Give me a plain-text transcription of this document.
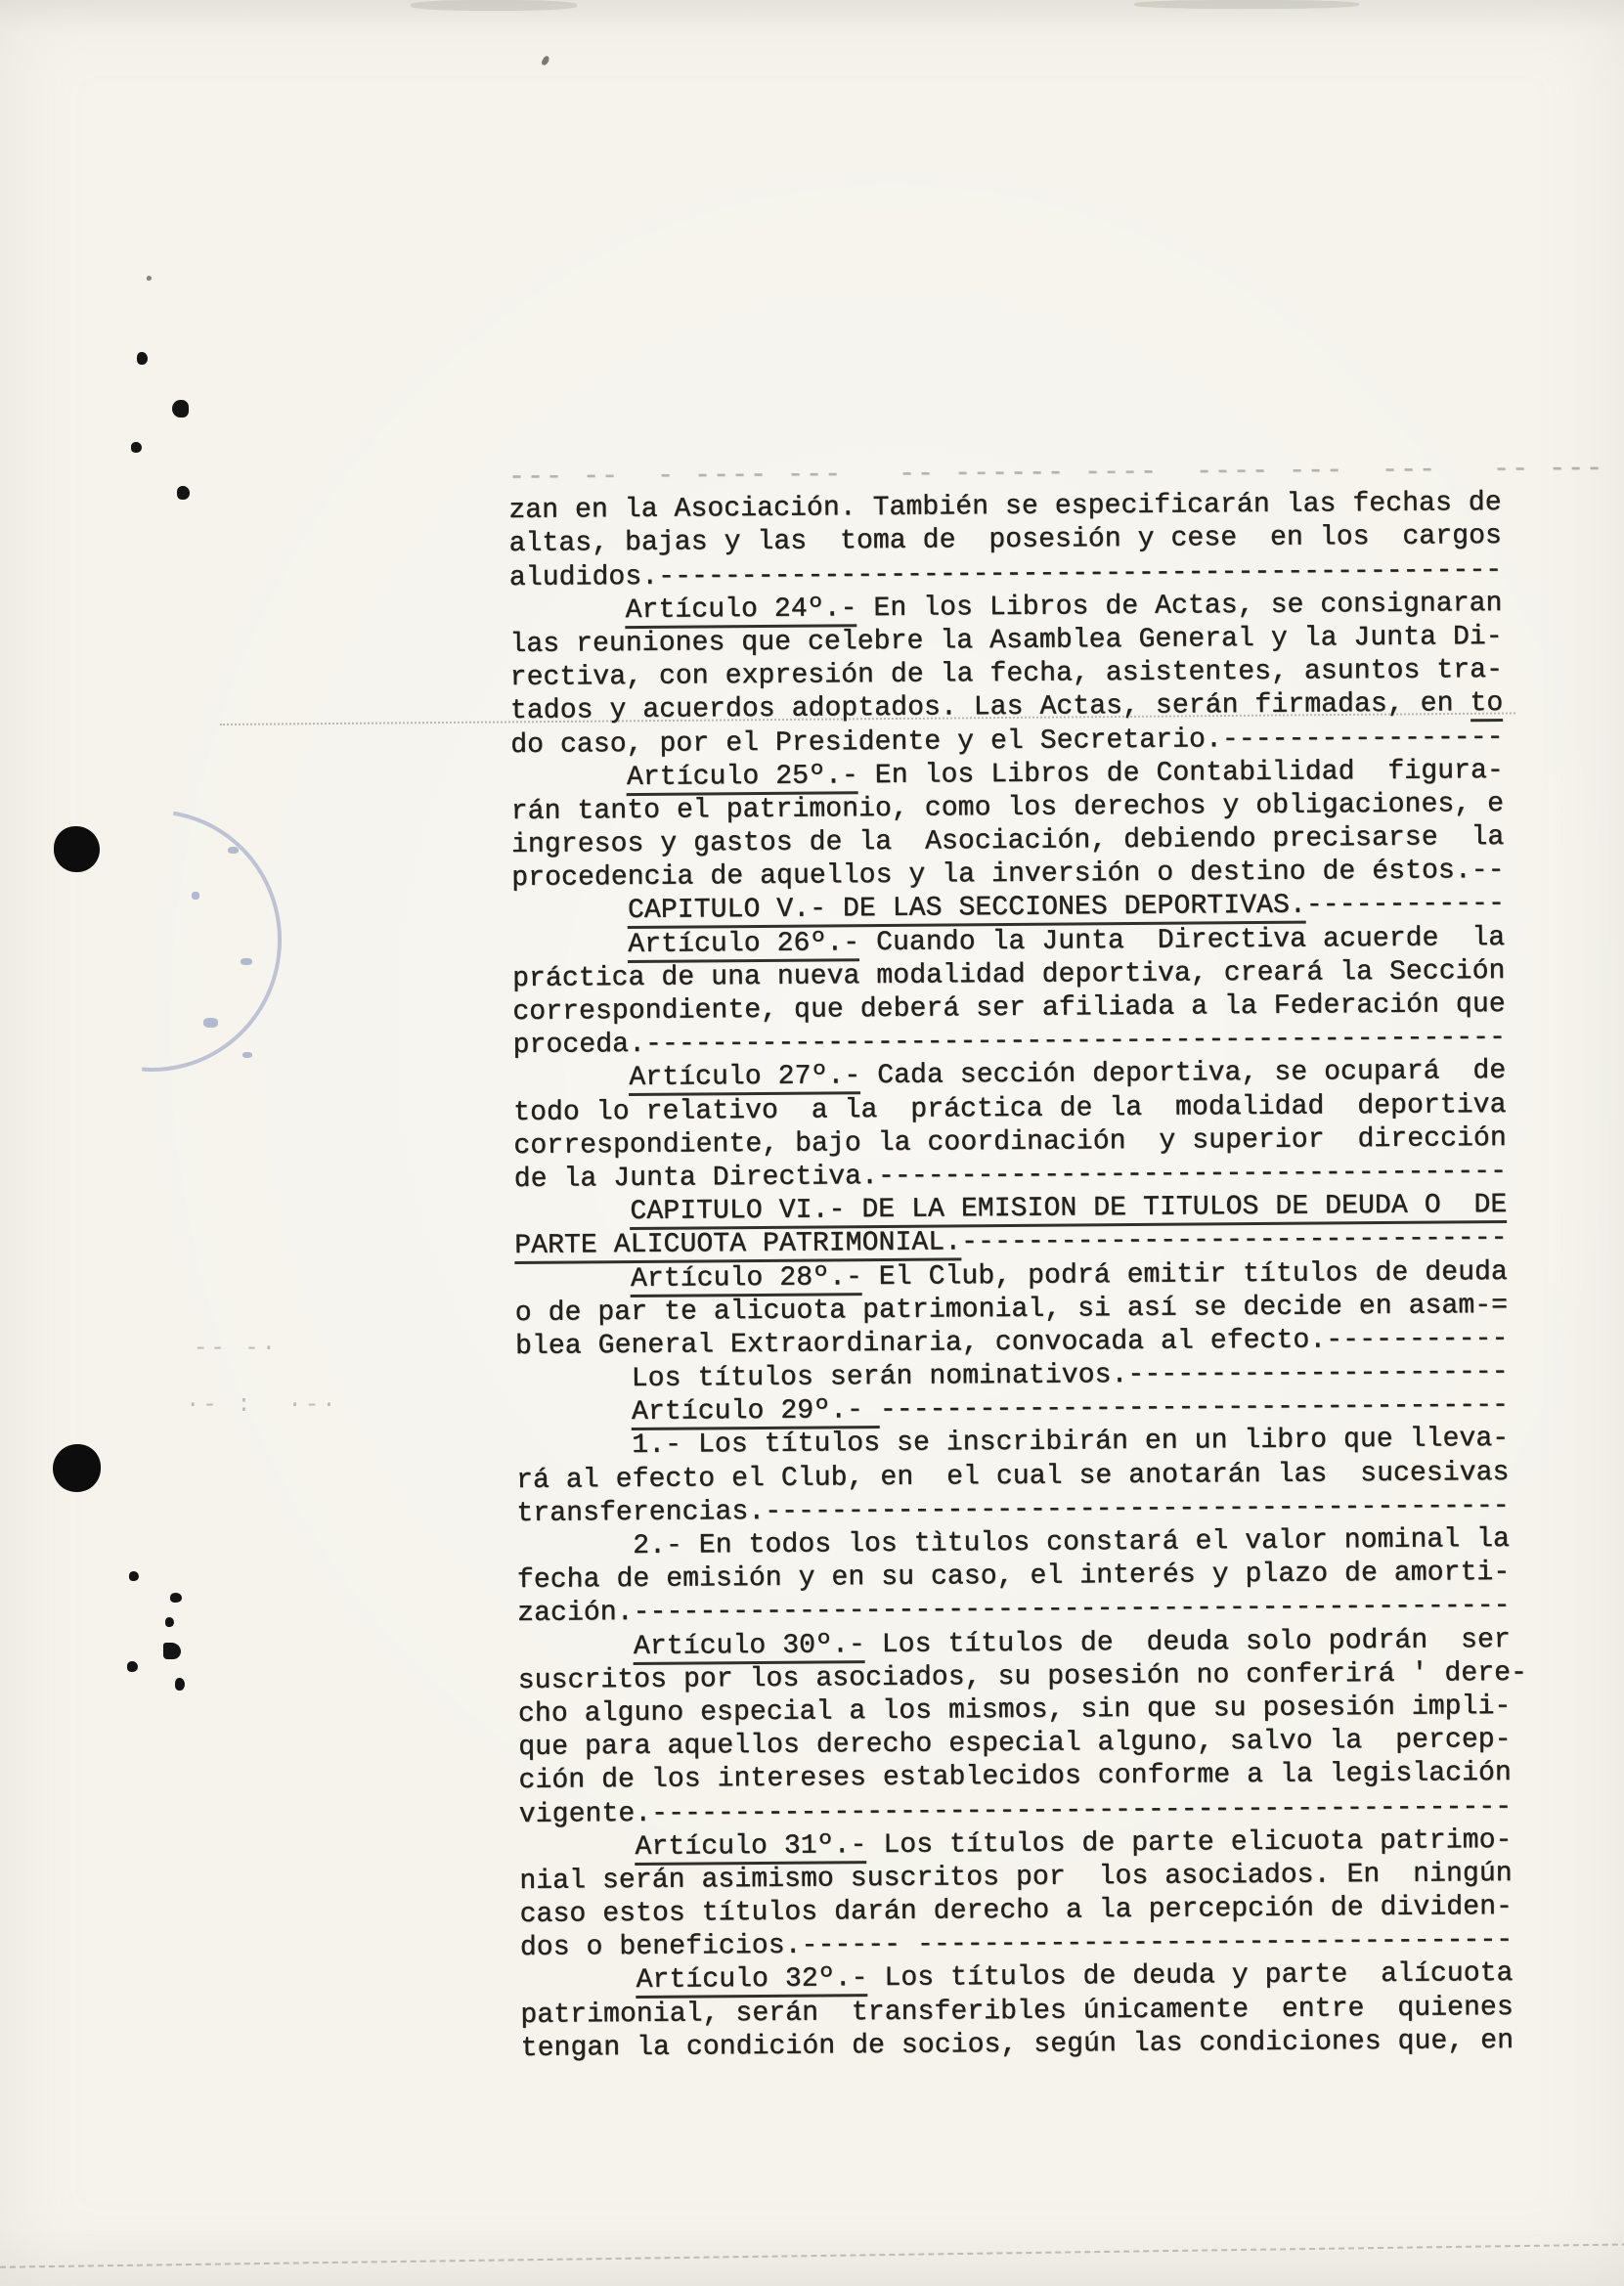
-- -·
·- :  ·-·
--- --  - ---- ---   -- ------ ----  ---- ---  ---   -- ---
zan en la Asociación. También se especificarán las fechas de
altas, bajas y las  toma de  posesión y cese  en los  cargos
aludidos.---------------------------------------------------
Artículo 24º.- En los Libros de Actas, se consignaran
las reuniones que celebre la Asamblea General y la Junta Di-
rectiva, con expresión de la fecha, asistentes, asuntos tra-
tados y acuerdos adoptados. Las Actas, serán firmadas, en to
do caso, por el Presidente y el Secretario.-----------------
Artículo 25º.- En los Libros de Contabilidad  figura-
rán tanto el patrimonio, como los derechos y obligaciones, e
ingresos y gastos de la  Asociación, debiendo precisarse  la
procedencia de aquellos y la inversión o destino de éstos.--
CAPITULO V.- DE LAS SECCIONES DEPORTIVAS.------------
Artículo 26º.- Cuando la Junta  Directiva acuerde  la
práctica de una nueva modalidad deportiva, creará la Sección
correspondiente, que deberá ser afiliada a la Federación que
proceda.----------------------------------------------------
Artículo 27º.- Cada sección deportiva, se ocupará  de
todo lo relativo  a la  práctica de la  modalidad  deportiva
correspondiente, bajo la coordinación  y superior  dirección
de la Junta Directiva.--------------------------------------
CAPITULO VI.- DE LA EMISION DE TITULOS DE DEUDA O  DE
PARTE ALICUOTA PATRIMONIAL.---------------------------------
Artículo 28º.- El Club, podrá emitir títulos de deuda
o de par te alicuota patrimonial, si así se decide en asam-=
blea General Extraordinaria, convocada al efecto.-----------
Los títulos serán nominativos.-----------------------
Artículo 29º.- --------------------------------------
1.- Los títulos se inscribirán en un libro que lleva-
rá al efecto el Club, en  el cual se anotarán las  sucesivas
transferencias.---------------------------------------------
2.- En todos los tìtulos constará el valor nominal la
fecha de emisión y en su caso, el interés y plazo de amorti-
zación.-----------------------------------------------------
Artículo 30º.- Los títulos de  deuda solo podrán  ser
suscritos por los asociados, su posesión no conferirá ' dere-
cho alguno especial a los mismos, sin que su posesión impli-
que para aquellos derecho especial alguno, salvo la  percep-
ción de los intereses establecidos conforme a la legislación
vigente.----------------------------------------------------
Artículo 31º.- Los títulos de parte elicuota patrimo-
nial serán asimismo suscritos por  los asociados. En  ningún
caso estos títulos darán derecho a la percepción de dividen-
dos o beneficios.------ ------------------------------------
Artículo 32º.- Los títulos de deuda y parte  alícuota
patrimonial, serán  transferibles únicamente  entre  quienes
tengan la condición de socios, según las condiciones que, en
